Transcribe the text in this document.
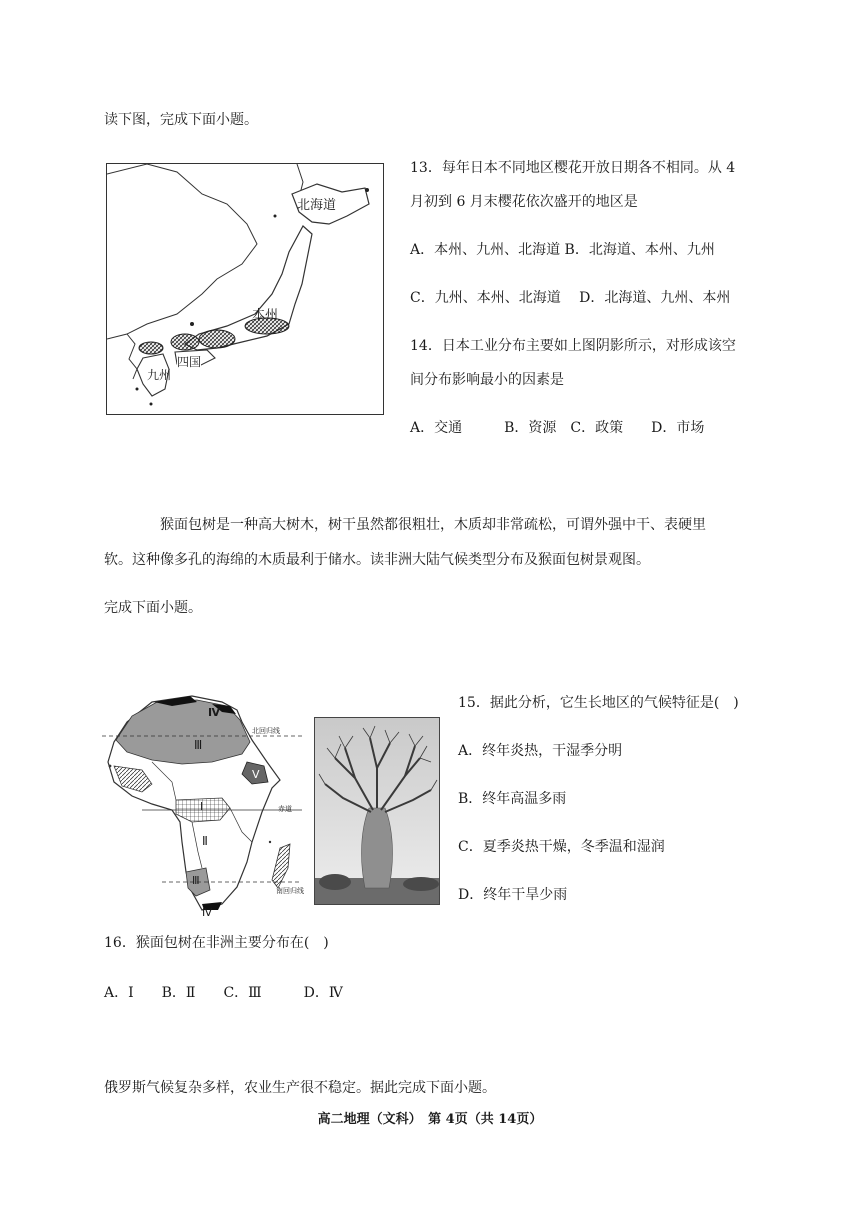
读下图，完成下面小题。
北海道
本州
四国
九州
13．每年日本不同地区樱花开放日期各不相同。从 4
月初到 6 月末樱花依次盛开的地区是
A．本州、九州、北海道 B．北海道、本州、九州
C．九州、本州、北海道　 D．北海道、九州、本州
14．日本工业分布主要如上图阴影所示，对形成该空
间分布影响最小的因素是
A．交通　　　B．资源　C．政策　　D．市场
猴面包树是一种高大树木，树干虽然都很粗壮，木质却非常疏松，可谓外强中干、表硬里
软。这种像多孔的海绵的木质最利于储水。读非洲大陆气候类型分布及猴面包树景观图。
完成下面小题。
Ⅳ
Ⅲ
北回归线
Ⅴ
Ⅰ	赤道
Ⅱ
Ⅲ
南回归线
Ⅳ
15．据此分析，它生长地区的气候特征是(　)
A．终年炎热，干湿季分明
B．终年高温多雨
C．夏季炎热干燥，冬季温和湿润
D．终年干旱少雨
16．猴面包树在非洲主要分布在(　)
A．Ⅰ　　B．Ⅱ　　C．Ⅲ　　　D．Ⅳ
俄罗斯气候复杂多样，农业生产很不稳定。据此完成下面小题。
高二地理（文科）　第 4页（共 14页）
